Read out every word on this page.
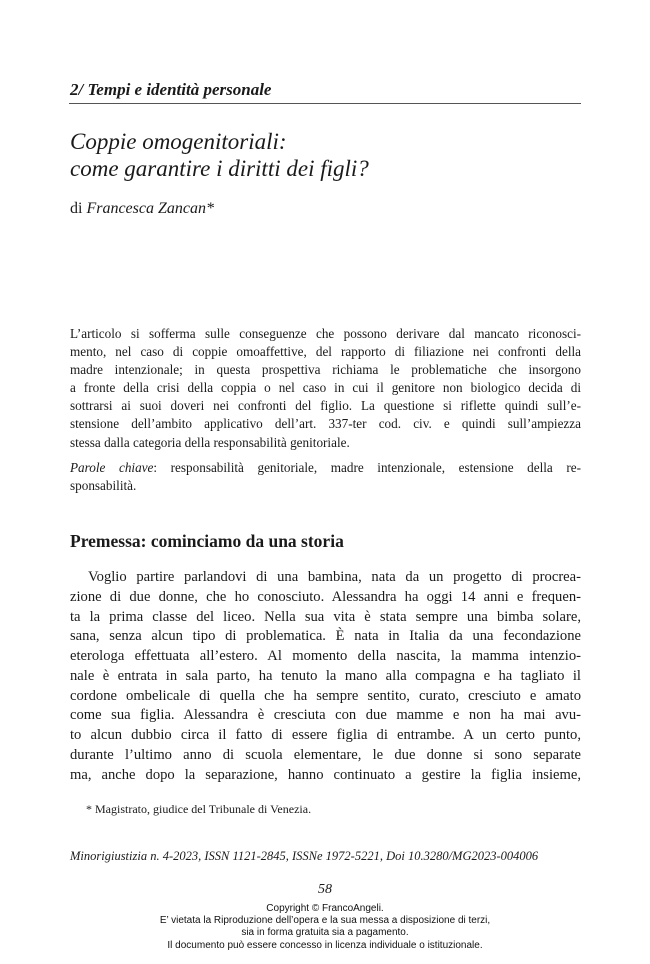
2/ Tempi e identità personale
Coppie omogenitoriali:
come garantire i diritti dei figli?
di Francesca Zancan*
L’articolo si sofferma sulle conseguenze che possono derivare dal mancato riconosci-
mento, nel caso di coppie omoaffettive, del rapporto di filiazione nei confronti della
madre intenzionale; in questa prospettiva richiama le problematiche che insorgono
a fronte della crisi della coppia o nel caso in cui il genitore non biologico decida di
sottrarsi ai suoi doveri nei confronti del figlio. La questione si riflette quindi sull’e-
stensione dell’ambito applicativo dell’art. 337-ter cod. civ. e quindi sull’ampiezza
stessa dalla categoria della responsabilità genitoriale.
Parole chiave: responsabilità genitoriale, madre intenzionale, estensione della re-
sponsabilità.
Premessa: cominciamo da una storia
Voglio partire parlandovi di una bambina, nata da un progetto di procrea-
zione di due donne, che ho conosciuto. Alessandra ha oggi 14 anni e frequen-
ta la prima classe del liceo. Nella sua vita è stata sempre una bimba solare,
sana, senza alcun tipo di problematica. È nata in Italia da una fecondazione
eterologa effettuata all’estero. Al momento della nascita, la mamma intenzio-
nale è entrata in sala parto, ha tenuto la mano alla compagna e ha tagliato il
cordone ombelicale di quella che ha sempre sentito, curato, cresciuto e amato
come sua figlia. Alessandra è cresciuta con due mamme e non ha mai avu-
to alcun dubbio circa il fatto di essere figlia di entrambe. A un certo punto,
durante l’ultimo anno di scuola elementare, le due donne si sono separate
ma, anche dopo la separazione, hanno continuato a gestire la figlia insieme,
* Magistrato, giudice del Tribunale di Venezia.
Minorigiustizia n. 4-2023, ISSN 1121-2845, ISSNe 1972-5221, Doi 10.3280/MG2023-004006
58
Copyright © FrancoAngeli.
E’ vietata la Riproduzione dell’opera e la sua messa a disposizione di terzi,
sia in forma gratuita sia a pagamento.
Il documento può essere concesso in licenza individuale o istituzionale.
